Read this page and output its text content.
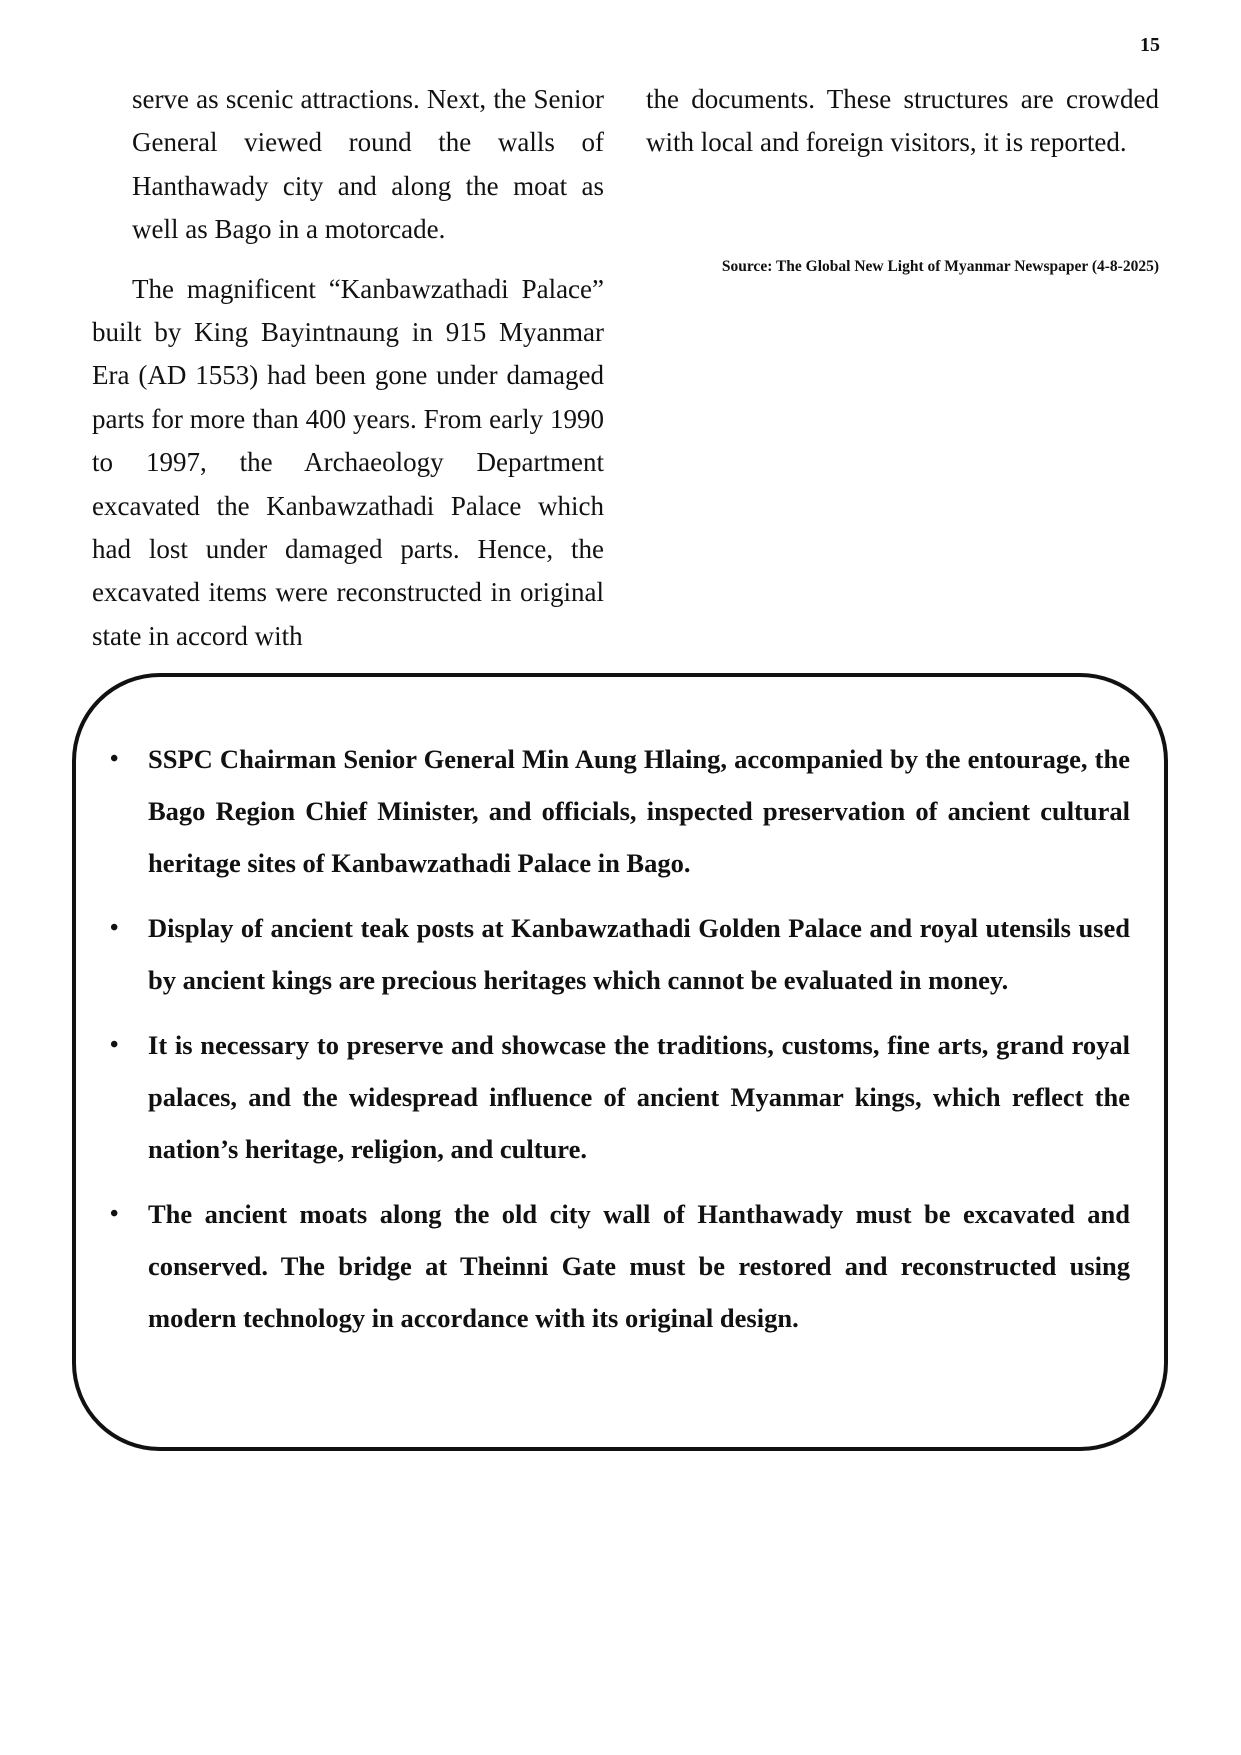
15

serve as scenic attractions. Next, the Senior General viewed round the walls of Hanthawady city and along the moat as well as Bago in a motorcade.

The magnificent “Kanbawzathadi Palace” built by King Bayintnaung in 915 Myanmar Era (AD 1553) had been gone under damaged parts for more than 400 years. From early 1990 to 1997, the Archaeology Department excavated the Kanbawzathadi Palace which had lost under damaged parts. Hence, the excavated items were reconstructed in original state in accord with

the documents. These structures are crowded with local and foreign visitors, it is reported.

Source: The Global New Light of Myanmar Newspaper (4-8-2025)
• SSPC Chairman Senior General Min Aung Hlaing, accompanied by the entourage, the Bago Region Chief Minister, and officials, inspected preservation of ancient cultural heritage sites of Kanbawzathadi Palace in Bago.
• Display of ancient teak posts at Kanbawzathadi Golden Palace and royal utensils used by ancient kings are precious heritages which cannot be evaluated in money.
• It is necessary to preserve and showcase the traditions, customs, fine arts, grand royal palaces, and the widespread influence of ancient Myanmar kings, which reflect the nation’s heritage, religion, and culture.
• The ancient moats along the old city wall of Hanthawady must be excavated and conserved. The bridge at Theinni Gate must be restored and reconstructed using modern technology in accordance with its original design.
